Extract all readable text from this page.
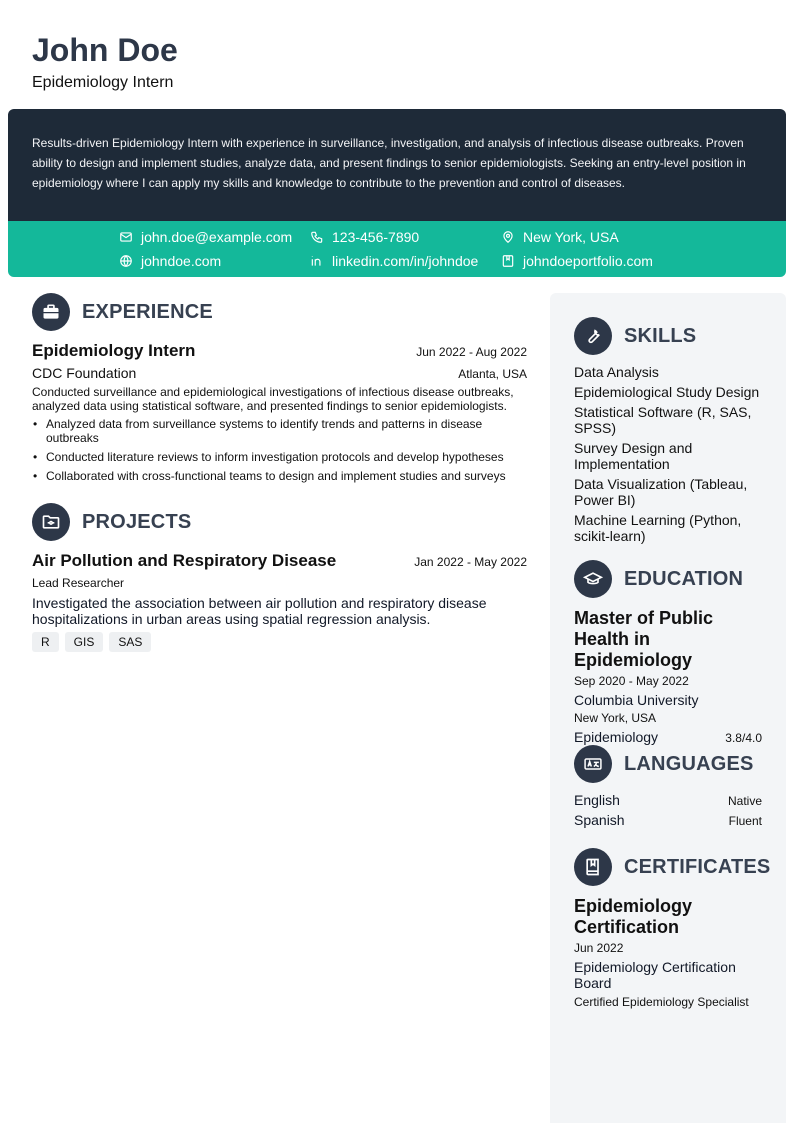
John Doe
Epidemiology Intern
Results-driven Epidemiology Intern with experience in surveillance, investigation, and analysis of infectious disease outbreaks. Proven ability to design and implement studies, analyze data, and present findings to senior epidemiologists. Seeking an entry-level position in epidemiology where I can apply my skills and knowledge to contribute to the prevention and control of diseases.
john.doe@example.com	123-456-7890	New York, USA
johndoe.com	linkedin.com/in/johndoe	johndoeportfolio.com
EXPERIENCE
Epidemiology Intern	Jun 2022 - Aug 2022
CDC Foundation	Atlanta, USA
Conducted surveillance and epidemiological investigations of infectious disease outbreaks, analyzed data using statistical software, and presented findings to senior epidemiologists.
• Analyzed data from surveillance systems to identify trends and patterns in disease outbreaks
• Conducted literature reviews to inform investigation protocols and develop hypotheses
• Collaborated with cross-functional teams to design and implement studies and surveys
PROJECTS
Air Pollution and Respiratory Disease	Jan 2022 - May 2022
Lead Researcher
Investigated the association between air pollution and respiratory disease hospitalizations in urban areas using spatial regression analysis.
R GIS SAS
SKILLS
Data Analysis
Epidemiological Study Design
Statistical Software (R, SAS, SPSS)
Survey Design and Implementation
Data Visualization (Tableau, Power BI)
Machine Learning (Python, scikit-learn)
EDUCATION
Master of Public Health in Epidemiology
Sep 2020 - May 2022
Columbia University
New York, USA
Epidemiology	3.8/4.0
LANGUAGES
English	Native
Spanish	Fluent
CERTIFICATES
Epidemiology Certification
Jun 2022
Epidemiology Certification Board
Certified Epidemiology Specialist
